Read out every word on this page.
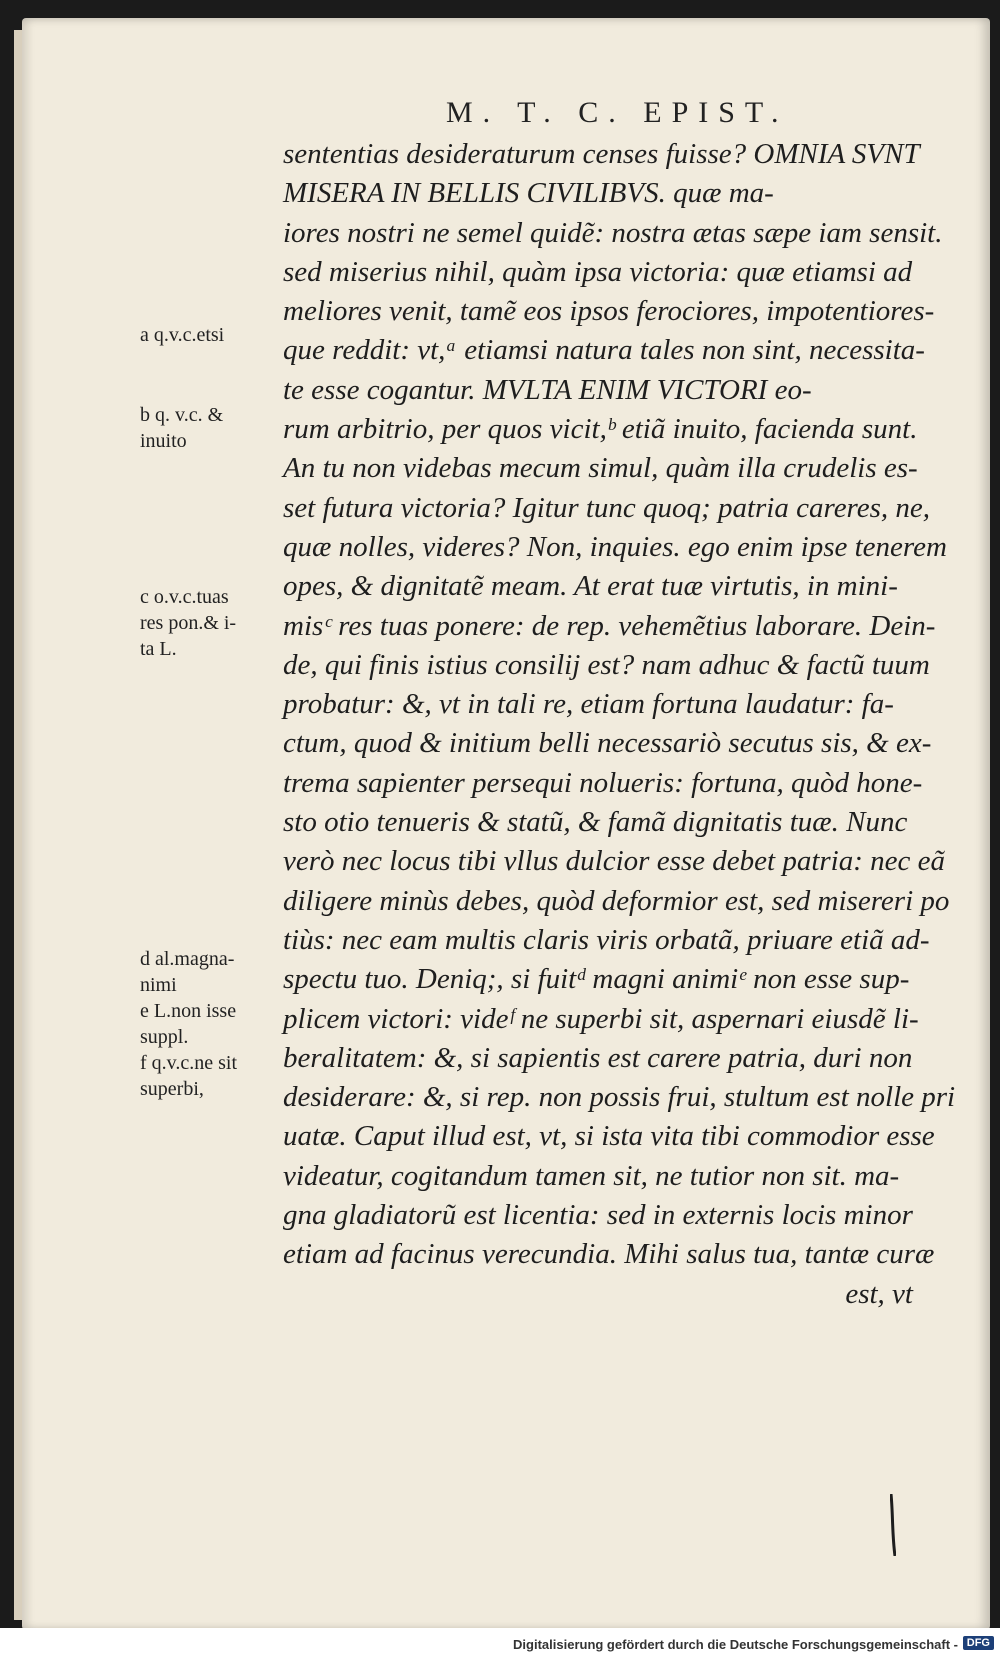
M. T. C. EPIST.
sententias desideraturum censes fuisse? OMNIA SVNT
MISERA IN BELLIS CIVILIBVS. quæ ma-
iores nostri ne semel quidẽ: nostra ætas sæpe iam sensit.
sed miserius nihil, quàm ipsa victoria: quæ etiamsi ad
meliores venit, tamẽ eos ipsos ferociores, impotentiores-
que reddit: vt,ᵃ etiamsi natura tales non sint, necessita-
te esse cogantur. MVLTA ENIM VICTORI eo-
rum arbitrio, per quos vicit,ᵇ etiã inuito, facienda sunt.
An tu non videbas mecum simul, quàm illa crudelis es-
set futura victoria? Igitur tunc quoq; patria careres, ne,
quæ nolles, videres? Non, inquies. ego enim ipse tenerem
opes, & dignitatẽ meam. At erat tuæ virtutis, in mini-
misᶜ res tuas ponere: de rep. vehemẽtius laborare. Dein-
de, qui finis istius consilij est? nam adhuc & factũ tuum
probatur: &, vt in tali re, etiam fortuna laudatur: fa-
ctum, quod & initium belli necessariò secutus sis, & ex-
trema sapienter persequi nolueris: fortuna, quòd hone-
sto otio tenueris & statũ, & famã dignitatis tuæ. Nunc
verò nec locus tibi vllus dulcior esse debet patria: nec eã
diligere minùs debes, quòd deformior est, sed misereri po
tiùs: nec eam multis claris viris orbatã, priuare etiã ad-
spectu tuo. Deniq;, si fuitᵈ magni animiᵉ non esse sup-
plicem victori: videᶠ ne superbi sit, aspernari eiusdẽ li-
beralitatem: &, si sapientis est carere patria, duri non
desiderare: &, si rep. non possis frui, stultum est nolle pri
uatæ. Caput illud est, vt, si ista vita tibi commodior esse
videatur, cogitandum tamen sit, ne tutior non sit. ma-
gna gladiatorũ est licentia: sed in externis locis minor
etiam ad facinus verecundia. Mihi salus tua, tantæ curæ
est, vt
a q.v.c.etsi
b q. v.c. &
inuito
c o.v.c.tuas
res pon.& i-
ta L.
d al.magna-
nimi
e L.non isse
suppl.
f q.v.c.ne sit
superbi,
Digitalisierung gefördert durch die Deutsche Forschungsgemeinschaft - DFG
